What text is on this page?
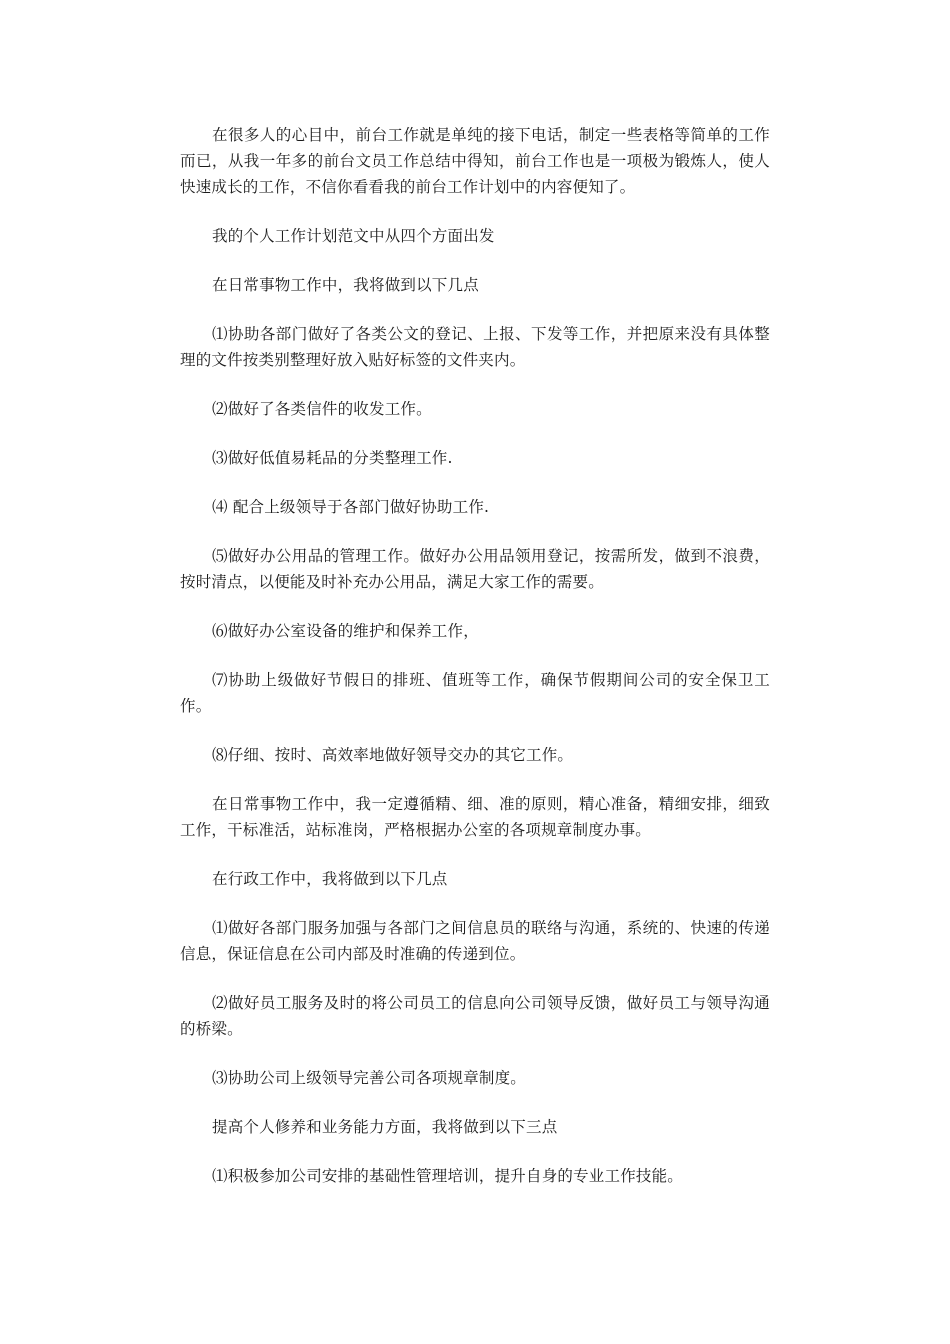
在很多人的心目中，前台工作就是单纯的接下电话，制定一些表格等简单的工作而已，从我一年多的前台文员工作总结中得知，前台工作也是一项极为锻炼人，使人快速成长的工作，不信你看看我的前台工作计划中的内容便知了。

我的个人工作计划范文中从四个方面出发

在日常事物工作中，我将做到以下几点

⑴协助各部门做好了各类公文的登记、上报、下发等工作，并把原来没有具体整理的文件按类别整理好放入贴好标签的文件夹内。

⑵做好了各类信件的收发工作。

⑶做好低值易耗品的分类整理工作.

⑷ 配合上级领导于各部门做好协助工作.

⑸做好办公用品的管理工作。做好办公用品领用登记，按需所发，做到不浪费，按时清点，以便能及时补充办公用品，满足大家工作的需要。

⑹做好办公室设备的维护和保养工作，

⑺协助上级做好节假日的排班、值班等工作，确保节假期间公司的安全保卫工作。

⑻仔细、按时、高效率地做好领导交办的其它工作。

在日常事物工作中，我一定遵循精、细、准的原则，精心准备，精细安排，细致工作，干标准活，站标准岗，严格根据办公室的各项规章制度办事。

在行政工作中，我将做到以下几点

⑴做好各部门服务加强与各部门之间信息员的联络与沟通，系统的、快速的传递信息，保证信息在公司内部及时准确的传递到位。

⑵做好员工服务及时的将公司员工的信息向公司领导反馈，做好员工与领导沟通的桥梁。

⑶协助公司上级领导完善公司各项规章制度。

提高个人修养和业务能力方面，我将做到以下三点

⑴积极参加公司安排的基础性管理培训，提升自身的专业工作技能。
